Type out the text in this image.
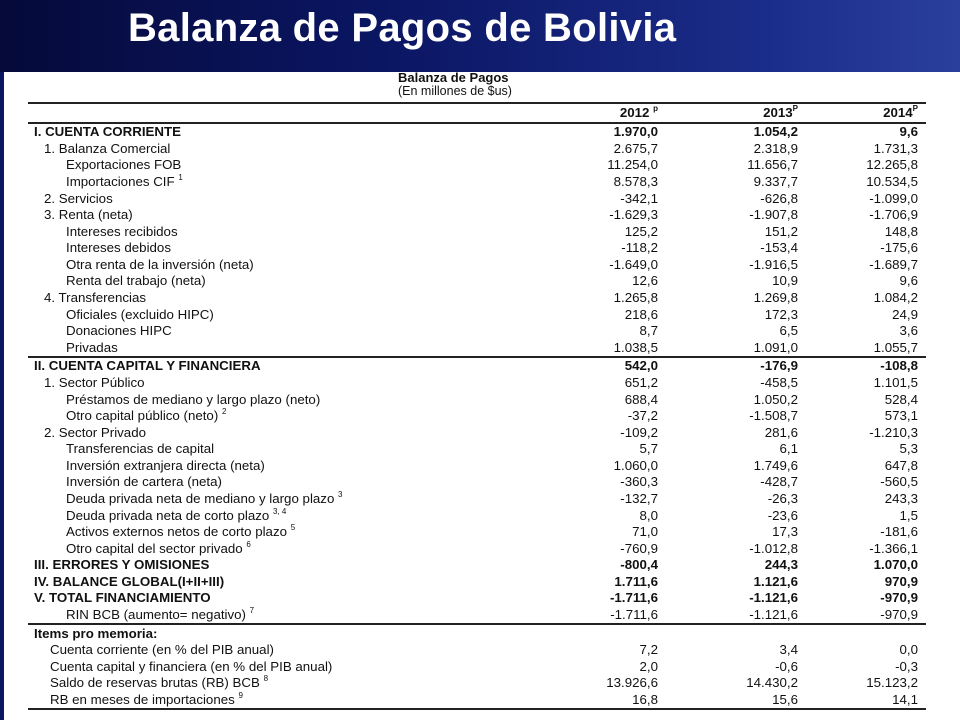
Balanza de Pagos de Bolivia
Balanza de Pagos
(En millones de $us)
	2012 $^p$	$2013^P$	$2014^P$
I. CUENTA CORRIENTE	1.970,0	1.054,2	9,6
1. Balanza Comercial	2.675,7	2.318,9	1.731,3
Exportaciones FOB	11.254,0	11.656,7	12.265,8
Importaciones CIF $^1$	8.578,3	9.337,7	10.534,5
2. Servicios	-342,1	-626,8	-1.099,0
3. Renta (neta)	-1.629,3	-1.907,8	-1.706,9
Intereses recibidos	125,2	151,2	148,8
Intereses debidos	-118,2	-153,4	-175,6
Otra renta de la inversión (neta)	-1.649,0	-1.916,5	-1.689,7
Renta del trabajo (neta)	12,6	10,9	9,6
4. Transferencias	1.265,8	1.269,8	1.084,2
Oficiales (excluido HIPC)	218,6	172,3	24,9
Donaciones HIPC	8,7	6,5	3,6
Privadas	1.038,5	1.091,0	1.055,7
II. CUENTA CAPITAL Y FINANCIERA	542,0	-176,9	-108,8
1. Sector Público	651,2	-458,5	1.101,5
Préstamos de mediano y largo plazo (neto)	688,4	1.050,2	528,4
Otro capital público (neto) $^2$	-37,2	-1.508,7	573,1
2. Sector Privado	-109,2	281,6	-1.210,3
Transferencias de capital	5,7	6,1	5,3
Inversión extranjera directa (neta)	1.060,0	1.749,6	647,8
Inversión de cartera (neta)	-360,3	-428,7	-560,5
Deuda privada neta de mediano y largo plazo $^3$	-132,7	-26,3	243,3
Deuda privada neta de corto plazo $^{3, 4}$	8,0	-23,6	1,5
Activos externos netos de corto plazo $^5$	71,0	17,3	-181,6
Otro capital del sector privado $^6$	-760,9	-1.012,8	-1.366,1
III. ERRORES Y OMISIONES	-800,4	244,3	1.070,0
IV. BALANCE GLOBAL(I+II+III)	1.711,6	1.121,6	970,9
V. TOTAL FINANCIAMIENTO	-1.711,6	-1.121,6	-970,9
RIN BCB (aumento= negativo) $^7$	-1.711,6	-1.121,6	-970,9
Items pro memoria:			
Cuenta corriente (en % del PIB anual)	7,2	3,4	0,0
Cuenta capital y financiera (en % del PIB anual)	2,0	-0,6	-0,3
Saldo de reservas brutas (RB) BCB $^8$	13.926,6	14.430,2	15.123,2
RB en meses de importaciones $^9$	16,8	15,6	14,1
